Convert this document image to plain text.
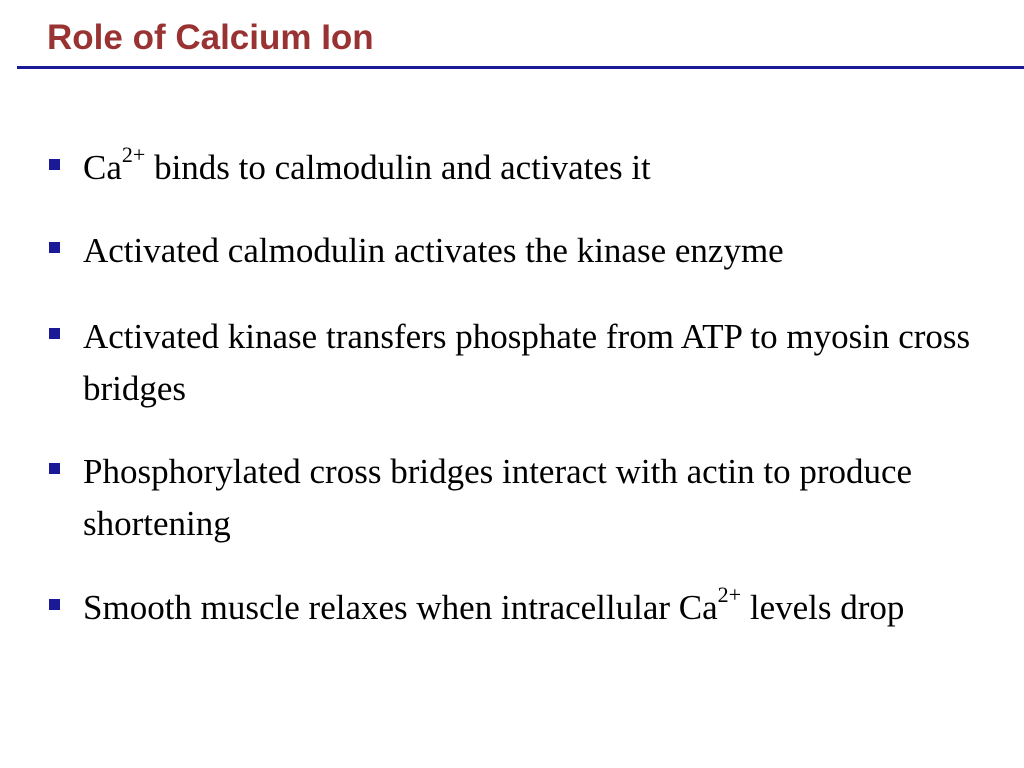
Role of Calcium Ion
$Ca^{2+}$ binds to calmodulin and activates it
Activated calmodulin activates the kinase enzyme
Activated kinase transfers phosphate from ATP to myosin cross bridges
Phosphorylated cross bridges interact with actin to produce shortening
Smooth muscle relaxes when intracellular $Ca^{2+}$ levels drop
